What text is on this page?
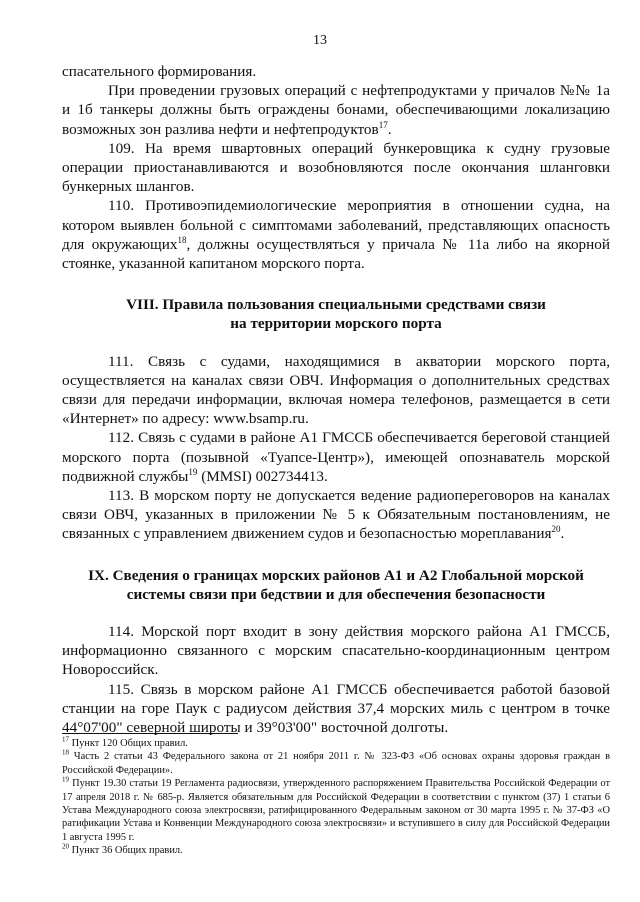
13

спасательного формирования.

При проведении грузовых операций с нефтепродуктами у причалов №№ 1а и 1б танкеры должны быть ограждены бонами, обеспечивающими локализацию возможных зон разлива нефти и нефтепродуктов$^{17}$.

109. На время швартовных операций бункеровщика к судну грузовые операции приостанавливаются и возобновляются после окончания шланговки бункерных шлангов.

110. Противоэпидемиологические мероприятия в отношении судна, на котором выявлен больной с симптомами заболеваний, представляющих опасность для окружающих$^{18}$, должны осуществляться у причала № 11а либо на якорной стоянке, указанной капитаном морского порта.

VIII. Правила пользования специальными средствами связи
на территории морского порта

111. Связь с судами, находящимися в акватории морского порта, осуществляется на каналах связи ОВЧ. Информация о дополнительных средствах связи для передачи информации, включая номера телефонов, размещается в сети «Интернет» по адресу: www.bsamp.ru.

112. Связь с судами в районе А1 ГМССБ обеспечивается береговой станцией морского порта (позывной «Туапсе-Центр»), имеющей опознаватель морской подвижной службы$^{19}$ (MMSI) 002734413.

113. В морском порту не допускается ведение радиопереговоров на каналах связи ОВЧ, указанных в приложении № 5 к Обязательным постановлениям, не связанных с управлением движением судов и безопасностью мореплавания$^{20}$.

IX. Сведения о границах морских районов А1 и А2 Глобальной морской
системы связи при бедствии и для обеспечения безопасности

114. Морской порт входит в зону действия морского района А1 ГМССБ, информационно связанного с морским спасательно-координационным центром Новороссийск.

115. Связь в морском районе А1 ГМССБ обеспечивается работой базовой станции на горе Паук с радиусом действия 37,4 морских миль с центром в точке 44°07'00" северной широты и 39°03'00" восточной долготы.

$^{17}$ Пункт 120 Общих правил.
$^{18}$ Часть 2 статьи 43 Федерального закона от 21 ноября 2011 г. № 323-ФЗ «Об основах охраны здоровья граждан в Российской Федерации».
$^{19}$ Пункт 19.30 статьи 19 Регламента радиосвязи, утвержденного распоряжением Правительства Российской Федерации от 17 апреля 2018 г. № 685-р. Является обязательным для Российской Федерации в соответствии с пунктом (37) 1 статьи 6 Устава Международного союза электросвязи, ратифицированного Федеральным законом от 30 марта 1995 г. № 37-ФЗ «О ратификации Устава и Конвенции Международного союза электросвязи» и вступившего в силу для Российской Федерации 1 августа 1995 г.
$^{20}$ Пункт 36 Общих правил.
